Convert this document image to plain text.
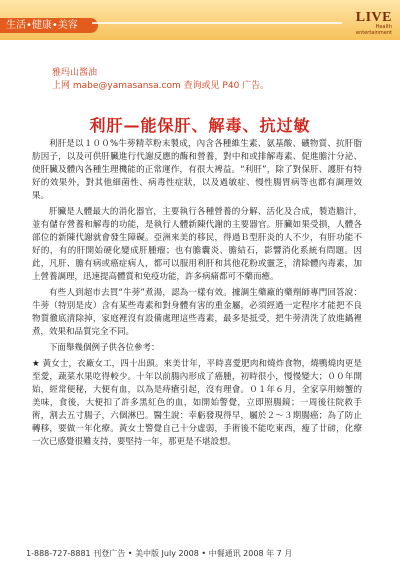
生活•健康•美容
LIVE
Health entertainment
雅玛山酱油
上网 mabe@yamasansa.com 查询或见 P40 广告。
利肝—能保肝、解毒、抗过敏

利肝是以１００%牛蒡精萃粉末製成，內含各種維生素、氨基酸、礦物質、抗肝脂肪因子，以及可供肝臟進行代謝反應的酶和營養，對中和或排解毒素、促進膽汁分泌、使肝臟及體內各種生理機能的正常運作，有很大裨益。“利肝”，除了對保肝、護肝有特好的效果外，對其他細菌性、病毒性症狀，以及過敏症、慢性腸胃病等也都有調理效果。

肝臟是人體最大的消化器官，主要執行各種營養的分解、活化及合成，製造膽汁，並有儲存營養和解毒的功能，是執行人體新陳代謝的主要器官。肝臟如果受損，人體各部位的新陳代謝就會發生障礙。亞洲來美的移民，得過Ｂ型肝炎的人不少，有肝功能不好的，有的肝開始硬化變成肝腫瘤；也有膽囊炎、膽結石，影響消化系統有問題。因此，凡肝、膽有病或癌症病人，都可以服用利肝和其他花粉或靈芝，清除體內毒素，加上營養調理，迅速提高體質和免疫功能，許多病痛都可不藥而癒。

有些人到超市去買“牛蒡”煮湯，認為一樣有效。據調生藥廠的藥劑師專門回答說：牛蒡（特別是皮）含有某些毒素和對身體有害的重金屬，必須經過一定程序才能把不良物質徹底清除掉，家庭裡沒有設備處理這些毒素，最多是抵受，把牛蒡清洗了放進鍋裡煮，效果和品質完全不同。

下面舉幾個例子供各位參考：

★ 黃女士，衣廠女工，四十出頭。來美廿年，平時喜愛肥肉和燒炸食物，燒鴨燒肉更是至愛，蔬菜水果吃得較少。十年以前腸內形成了癌腫，初時很小，慢慢變大；００年開始，經常便秘，大便有血，以為是痔瘡引起，沒有理會。０１年６月，全家享用螃蟹的美味，食後，大便扣了許多黑紅色的血，如開始警覺，立即照腸鏡；一周後往院救手術，割去五寸腸子，六個淋巴。醫生說：幸虧發現得早，屬於２～３期腸癌；為了防止轉移，要做一年化療。黃女士警覺自己十分虛弱，手術後不能吃東西，瘦了廿磅，化療一次已感覺很難支持，要堅持一年，那更是不堪設想。

1-888-727-8881 刊登广告 • 美中版 July 2008 • 中餐通讯 2008 年 7 月
